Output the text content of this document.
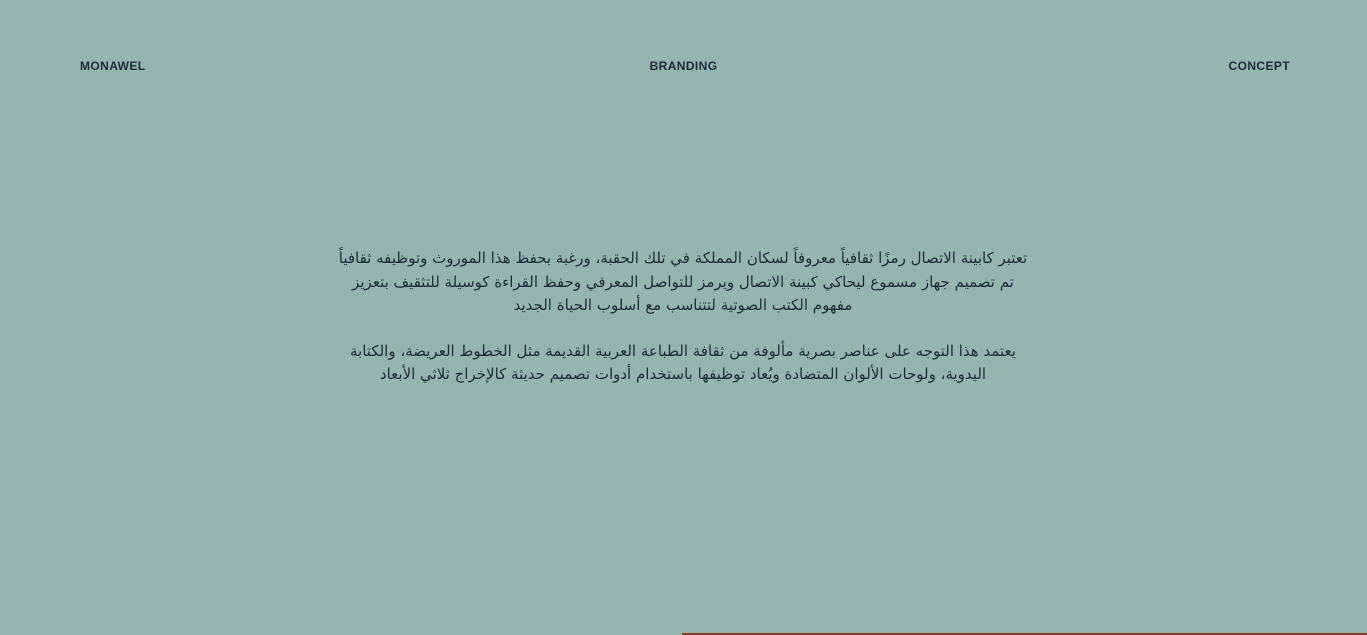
MONAWEL	CONCEPT
BRANDING

تعتبر كابينة الاتصال رمزًا ثقافياً معروفاً لسكان المملكة في تلك الحقبة، ورغبة بحفظ هذا الموروث وتوظيفه ثقافياً تم تصميم جهاز مسموع ليحاكي كبينة الاتصال ويرمز للتواصل المعرفي وحفظ القراءة كوسيلة للتثقيف بتعزيز مفهوم الكتب الصوتية لتتناسب مع أسلوب الحياة الجديد

يعتمد هذا التوجه على عناصر بصرية مألوفة من ثقافة الطباعة العربية القديمة مثل الخطوط العريضة، والكتابة اليدوية، ولوحات الألوان المتضادة ويُعاد توظيفها باستخدام أدوات تصميم حديثة كالإخراج ثلاثي الأبعاد
